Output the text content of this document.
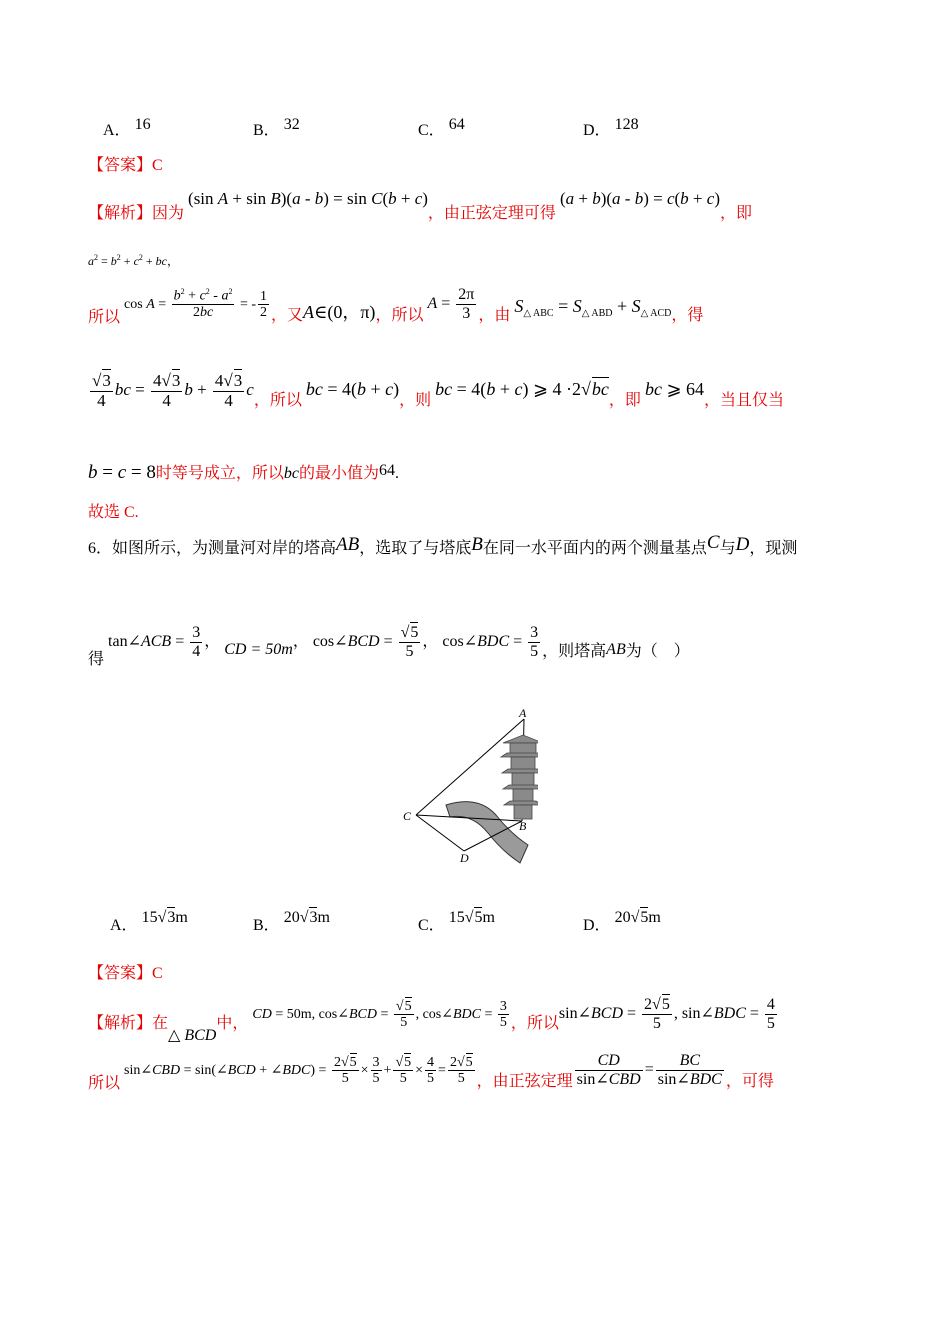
A． 16	B． 32	C． 64	D． 128
【答案】C
【解析】因为 (sin A + sin B)(a - b) = sin C(b + c)，由正弦定理可得 (a + b)(a - b) = c(b + c)，即
$a^2 = b^2 + c^2$ + bc，
所以 $\cos A = \frac{b^2 + c^2 - a^2}{2bc}$ = - $\frac{1}{2}$ ，又A∈(0，π)，所以 $A = \frac{2\pi}{3}$ ，由 $S_{\triangle ABC} = S_{\triangle ABD} + S_{\triangle ACD}$，得
$\frac{√3}{4}$ bc = $\frac{4√3}{4}$ $b + \frac{4√3}{4}$ c，所以 bc = 4(b + c)，则 bc = 4(b + c) ⩾ 4 ·2√bc，即 bc ⩾ 64，当且仅当
b = c = 8时等号成立，所以bc的最小值为64.
故选 C.
6．如图所示，为测量河对岸的塔高AB，选取了与塔底B在同一水平面内的两个测量基点C与D，现测
得 tan∠ACB = $\frac{3}{4}$ ， CD = 50m， cos∠BCD = $\frac{√5}{5}$ ， cos∠BDC = $\frac{3}{5}$ ，则塔高AB为（　）
A
B
C
D
A． 15√3m	B． 20√3m	C． 15√5m	D． 20√5m
【答案】C
【解析】在△ BCD中， CD = 50m, cos∠BCD = $\frac{√5}{5}$ , cos∠BDC = $\frac{3}{5}$ ，所以sin∠BCD = $\frac{2√5}{5}$ , sin∠BDC = $\frac{4}{5}$
所以 sin∠CBD = sin(∠BCD + ∠BDC) = $\frac{2√5}{5} \times \frac{3}{5} + \frac{√5}{5} \times \frac{4}{5} = \frac{2√5}{5}$ ，由正弦定理 $\frac{CD}{\text{sin∠CBD}} = \frac{BC}{\text{sin∠BDC}}$ ，可得
